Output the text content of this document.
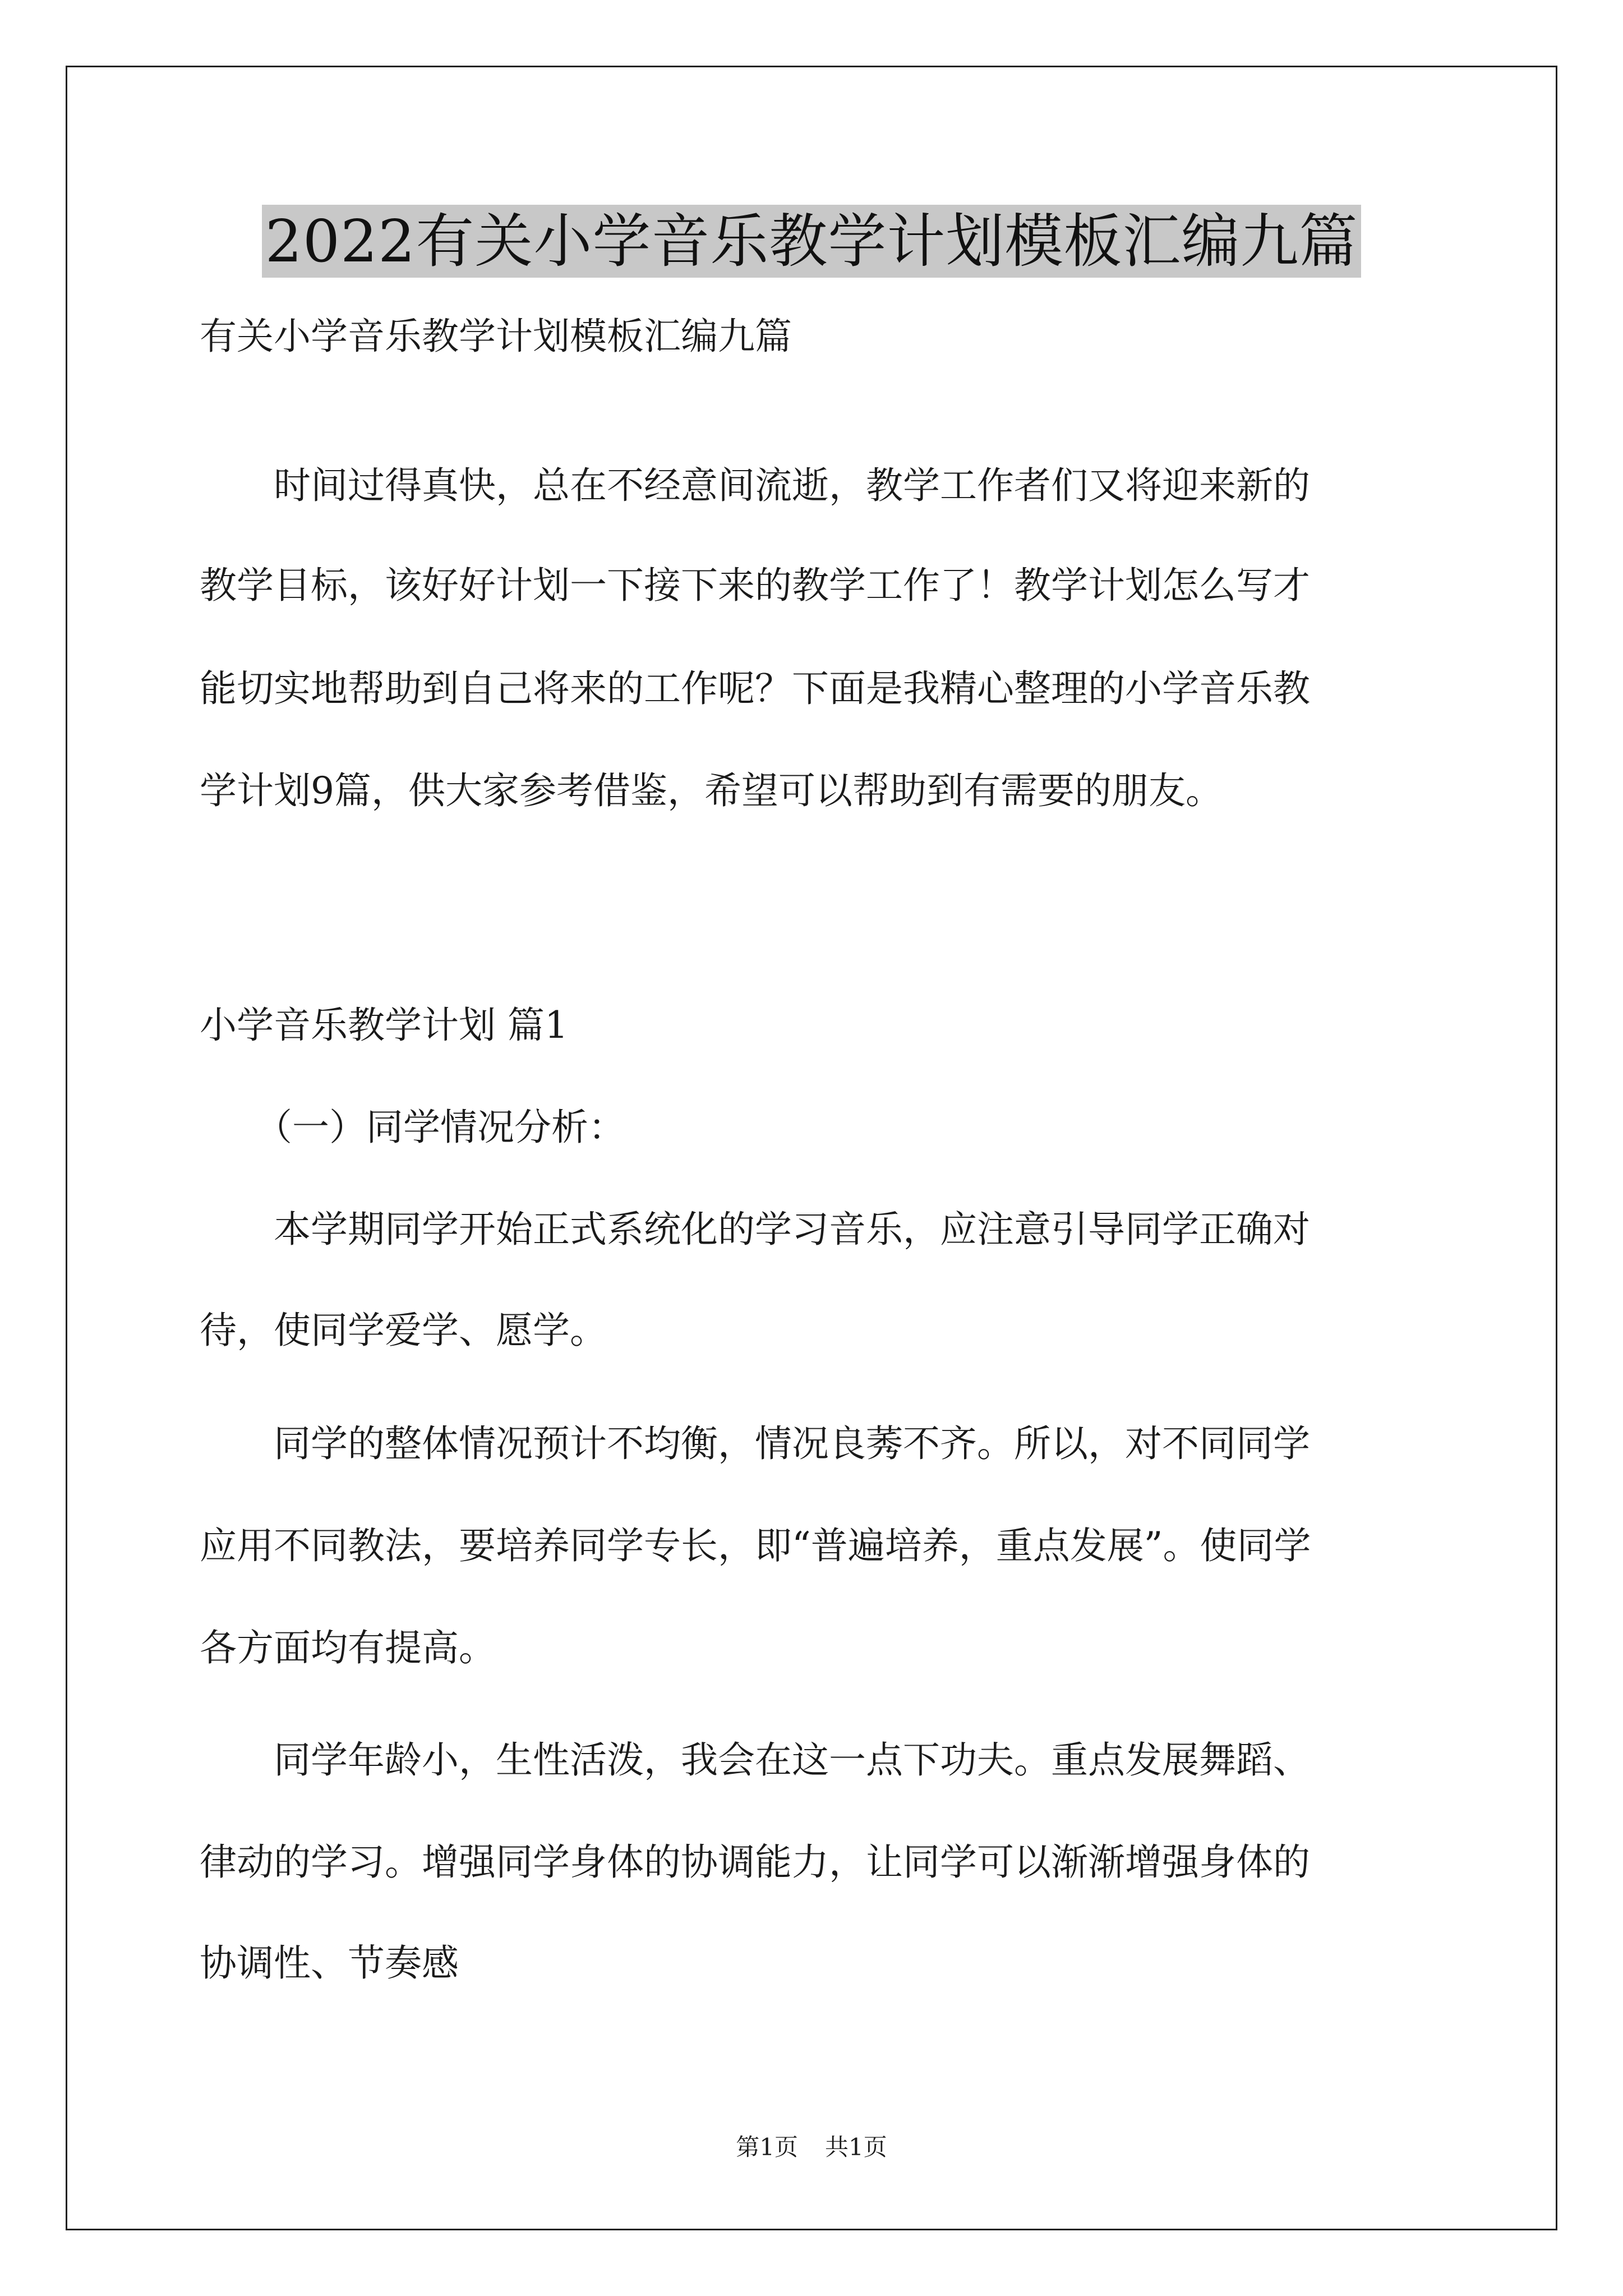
2022有关小学音乐教学计划模板汇编九篇
有关小学音乐教学计划模板汇编九篇
　　时间过得真快，总在不经意间流逝，教学工作者们又将迎来新的
教学目标，该好好计划一下接下来的教学工作了！教学计划怎么写才
能切实地帮助到自己将来的工作呢？下面是我精心整理的小学音乐教
学计划9篇，供大家参考借鉴，希望可以帮助到有需要的朋友。
小学音乐教学计划 篇1
　　（一）同学情况分析：
　　本学期同学开始正式系统化的学习音乐，应注意引导同学正确对
待，使同学爱学、愿学。
　　同学的整体情况预计不均衡，情况良莠不齐。所以，对不同同学
应用不同教法，要培养同学专长，即“普遍培养，重点发展”。使同学
各方面均有提高。
　　同学年龄小，生性活泼，我会在这一点下功夫。重点发展舞蹈、
律动的学习。增强同学身体的协调能力，让同学可以渐渐增强身体的
协调性、节奏感
第1页 共1页
